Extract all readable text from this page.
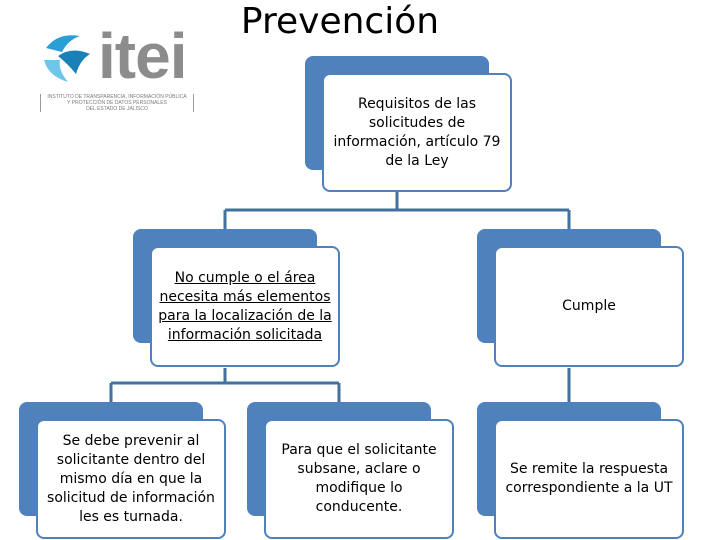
Prevención
itei
INSTITUTO DE TRANSPARENCIA, INFORMACIÓN PÚBLICA
Y PROTECCIÓN DE DATOS PERSONALES
DEL ESTADO DE JALISCO	Requisitos de las solicitudes de información, artículo 79 de la Ley
No cumple o el área necesita más elementos para la localización de la información solicitada
Cumple
Se debe prevenir al solicitante dentro del mismo día en que la solicitud de información les es turnada.
Para que el solicitante subsane, aclare o modifique lo conducente.
Se remite la respuesta correspondiente a la UT
